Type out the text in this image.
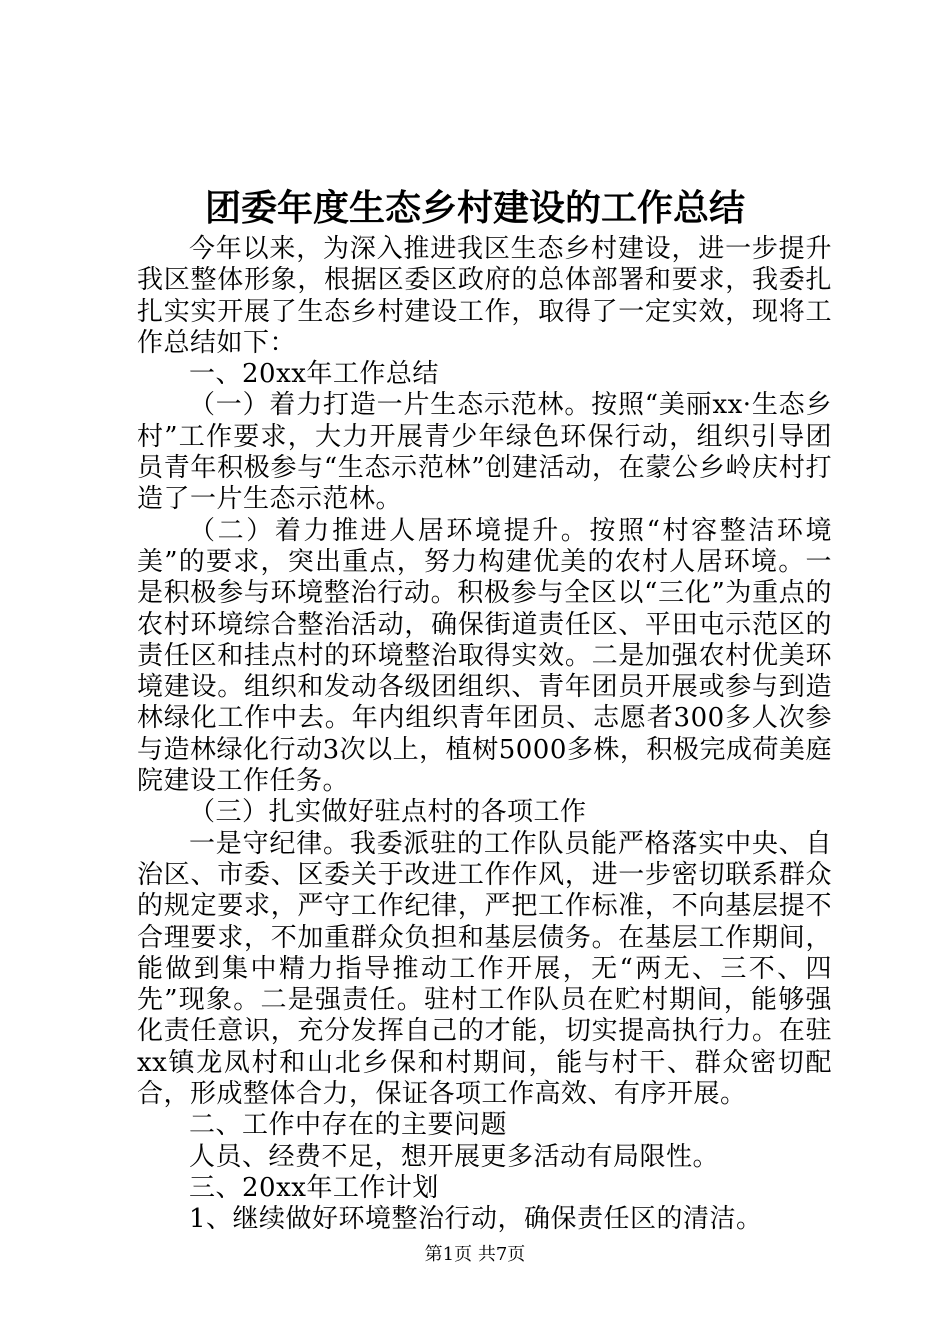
团委年度生态乡村建设的工作总结

今年以来，为深入推进我区生态乡村建设，进一步提升我区整体形象，根据区委区政府的总体部署和要求，我委扎扎实实开展了生态乡村建设工作，取得了一定实效，现将工作总结如下：

一、20xx年工作总结

（一）着力打造一片生态示范林。按照“美丽xx·生态乡村”工作要求，大力开展青少年绿色环保行动，组织引导团员青年积极参与“生态示范林”创建活动，在蒙公乡岭庆村打造了一片生态示范林。

（二）着力推进人居环境提升。按照“村容整洁环境美”的要求，突出重点，努力构建优美的农村人居环境。一是积极参与环境整治行动。积极参与全区以“三化”为重点的农村环境综合整治活动，确保街道责任区、平田屯示范区的责任区和挂点村的环境整治取得实效。二是加强农村优美环境建设。组织和发动各级团组织、青年团员开展或参与到造林绿化工作中去。年内组织青年团员、志愿者300多人次参与造林绿化行动3次以上，植树5000多株，积极完成荷美庭院建设工作任务。

（三）扎实做好驻点村的各项工作

一是守纪律。我委派驻的工作队员能严格落实中央、自治区、市委、区委关于改进工作作风，进一步密切联系群众的规定要求，严守工作纪律，严把工作标准，不向基层提不合理要求，不加重群众负担和基层债务。在基层工作期间，能做到集中精力指导推动工作开展，无“两无、三不、四先”现象。二是强责任。驻村工作队员在贮村期间，能够强化责任意识，充分发挥自己的才能，切实提高执行力。在驻xx镇龙凤村和山北乡保和村期间，能与村干、群众密切配合，形成整体合力，保证各项工作高效、有序开展。

二、工作中存在的主要问题

人员、经费不足，想开展更多活动有局限性。

三、20xx年工作计划

1、继续做好环境整治行动，确保责任区的清洁。

第1页 共7页
